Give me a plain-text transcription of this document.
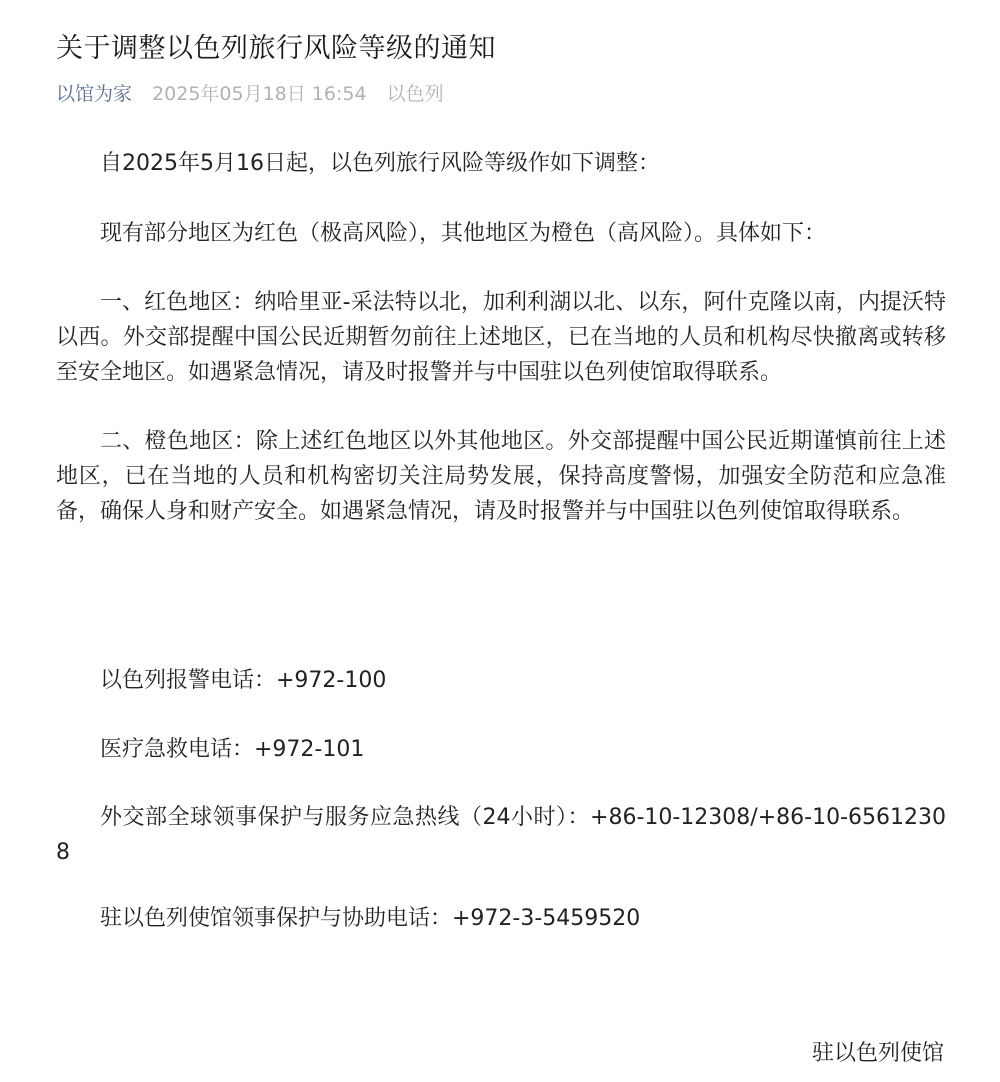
关于调整以色列旅行风险等级的通知
以馆为家 2025年05月18日 16:54 以色列

自2025年5月16日起，以色列旅行风险等级作如下调整：

现有部分地区为红色（极高风险），其他地区为橙色（高风险）。具体如下：

一、红色地区：纳哈里亚-采法特以北，加利利湖以北、以东，阿什克隆以南，内提沃特以西。外交部提醒中国公民近期暂勿前往上述地区，已在当地的人员和机构尽快撤离或转移至安全地区。如遇紧急情况，请及时报警并与中国驻以色列使馆取得联系。

二、橙色地区：除上述红色地区以外其他地区。外交部提醒中国公民近期谨慎前往上述地区，已在当地的人员和机构密切关注局势发展，保持高度警惕，加强安全防范和应急准备，确保人身和财产安全。如遇紧急情况，请及时报警并与中国驻以色列使馆取得联系。

以色列报警电话：+972-100

医疗急救电话：+972-101

外交部全球领事保护与服务应急热线（24小时）：+86-10-12308/+86-10-65612308

驻以色列使馆领事保护与协助电话：+972-3-5459520

驻以色列使馆
